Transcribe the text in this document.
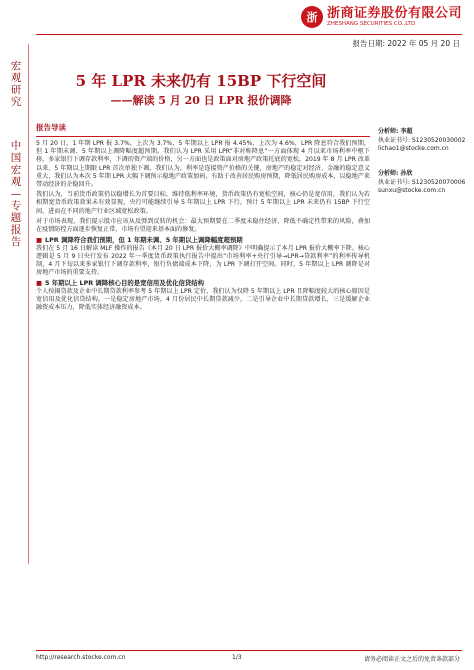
浙 浙商证券股份有限公司
ZHESHANG SECURITIES CO.,LTD
报告日期: 2022 年 05 月 20 日
宏
观
研
究
中
国
宏
观
—
专
题
报
告
5 年 LPR 未来仍有 15BP 下行空间
——解读 5 月 20 日 LPR 报价调降
分析师: 李超
执业证书号: S1230520030002
lichao1@stocke.com.cn
分析师: 孙欣
执业证书号: S1230520070006
sunxu@stocke.com.cn
报告导读

5 月 20 日，1 年期 LPR 报 3.7%，上次为 3.7%，5 年期以上 LPR 报 4.45%，上次为 4.6%，LPR 降息符合我们预期，但 1 年期未调、5 年期以上调降幅度超预期。我们认为 LPR 采用 LPR“非对称降息”一方面体现 4 月以来市场利率中枢下移，多家银行下调存款利率，下调的资产端的价格，另一方面也是政策面对房地产政策托底的宽松，2019 年 8 月 LPR 改革以来，5 年期以上期限 LPR 首次单独下调。我们认为，利率是连接资产价格的关键，房地产的稳定对经济、金融的稳定意义重大，我们认为本次 5 年期 LPR 大幅下调预示稳地产政策加码，有助于改善居民购房预期，降低居民购房成本，以稳地产来带动经济的企稳回升。

我们认为，当前货币政策仍以稳增长为首要目标，维持低利率环境，货币政策仍有宽松空间，核心仍是宽信用，我们认为若相期宽货币政策效果未有效显现，央行可能继续引导 5 年期以上 LPR 下行，预计 5 年期以上 LPR 未来仍有 15BP 下行空间，进而在不同的地产行业区域宽松政策。

对于市场表现，我们提示股市应该从反弹到反转的机会：最大预期要在二季度末稳住经济、降低不确定性带来的风险，叠加在疫情防控方面逐步恢复正常，市场有望迎来基本面的修复。

■ LPR 调降符合我们预期，但 1 年期未调、5 年期以上调降幅度超预期

我们在 5 月 16 日解读 MLF 操作的报告《本月 20 日 LPR 报价大概率调降》中明确提示了本月 LPR 报价大概率下降。核心逻辑是 5 月 9 日央行发布 2022 年一季度货币政策执行报告中提出“市场利率+央行引导→LPR→贷款利率”的利率传导机制，4 月下旬以来多家银行下调存款利率，银行负债端成本下降，为 LPR 下调打开空间。同时，5 年期以上 LPR 调降是对房地产市场的重要支持。

■ 5 年期以上 LPR 调降核心目的是宽信用及优化信贷结构

个人按揭贷款及企业中长期贷款利率参考 5 年期以上 LPR 定价，我们认为仅降 5 年期以上 LPR 且降幅度较大的核心原因是宽信用及优化信贷结构。一是稳定房地产市场，4 月份居民中长期贷款减少，二是引导企业中长期贷款增长，三是缓解企业融资成本压力，降低实体经济融资成本。

http://research.stocke.com.cn	1/3	请务必阅读正文之后的免责条款部分
